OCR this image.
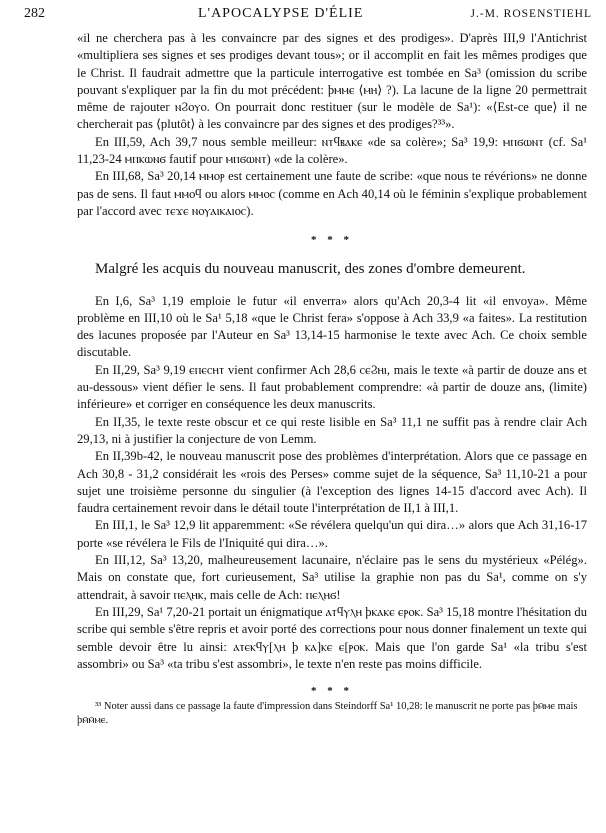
282	L'APOCALYPSE D'ÉLIE	J.-M. ROSENSTIEHL

«il ne cherchera pas à les convaincre par des signes et des prodiges». D'après III,9 l'Antichrist «multipliera ses signes et ses prodiges devant tous»; or il accomplit en fait les mêmes prodiges que le Christ. Il faudrait admettre que la particule interrogative est tombée en Sa³ (omission du scribe pouvant s'expliquer par la fin du mot précédent: ϸⲙⲙⲉ ⟨ⲙⲏ⟩ ?). La lacune de la ligne 20 permettrait même de rajouter ⲛϨⲟⲩⲟ. On pourrait donc restituer (sur le modèle de Sa¹): «⟨Est-ce que⟩ il ne chercherait pas ⟨plutôt⟩ à les convaincre par des signes et des prodiges?³³».

En III,59, Ach 39,7 nous semble meilleur: ⲛⲧϥⲃⲁⲕⲉ «de sa colère»; Sa³ 19,9: ⲙⲡϭⲱⲛⲧ (cf. Sa¹ 11,23-24 ⲙⲡⲕⲱⲛϭ fautif pour ⲙⲡϭⲱⲛⲧ) «de la colère».

En III,68, Sa³ 20,14 ⲙⲙⲟⲣ est certainement une faute de scribe: «que nous te révérions» ne donne pas de sens. Il faut ⲙⲙⲟϥ ou alors ⲙⲙⲟⲥ (comme en Ach 40,14 où le féminin s'explique probablement par l'accord avec ⲧⲉϫⲉ ⲛⲟⲩⲁⲓⲕⲁⲓⲟⲥ).

* * *

Malgré les acquis du nouveau manuscrit, des zones d'ombre demeurent.

En I,6, Sa³ 1,19 emploie le futur «il enverra» alors qu'Ach 20,3-4 lit «il envoya». Même problème en III,10 où le Sa¹ 5,18 «que le Christ fera» s'oppose à Ach 33,9 «a faites». La restitution des lacunes proposée par l'Auteur en Sa³ 13,14-15 harmonise le texte avec Ach. Ce choix semble discutable.

En II,29, Sa³ 9,19 ⲉⲡⲉⲥⲏⲧ vient confirmer Ach 28,6 ⲥⲉϨⲏⲓ, mais le texte «à partir de douze ans et au-dessous» vient défier le sens. Il faut probablement comprendre: «à partir de douze ans, (limite) inférieure» et corriger en conséquence les deux manuscrits.

En II,35, le texte reste obscur et ce qui reste lisible en Sa³ 11,1 ne suffit pas à rendre clair Ach 29,13, ni à justifier la conjecture de von Lemm.

En II,39b-42, le nouveau manuscrit pose des problèmes d'interprétation. Alors que ce passage en Ach 30,8 - 31,2 considérait les «rois des Perses» comme sujet de la séquence, Sa³ 11,10-21 a pour sujet une troisième personne du singulier (à l'exception des lignes 14-15 d'accord avec Ach). Il faudra certainement revoir dans le détail toute l'interprétation de II,1 à III,1.

En III,1, le Sa³ 12,9 lit apparemment: «Se révélera quelqu'un qui dira…» alors que Ach 31,16-17 porte «se révélera le Fils de l'Iniquité qui dira…».

En III,12, Sa³ 13,20, malheureusement lacunaire, n'éclaire pas le sens du mystérieux «Pélég». Mais on constate que, fort curieusement, Sa³ utilise la graphie non pas du Sa¹, comme on s'y attendrait, à savoir ⲡⲉⲗⲏⲕ, mais celle de Ach: ⲡⲉⲗⲏϭ!

En III,29, Sa¹ 7,20-21 portait un énigmatique ⲁⲧϥⲩⲗⲏ ϸⲕⲁⲕⲉ ⲉⲣⲟⲕ. Sa³ 15,18 montre l'hésitation du scribe qui semble s'être repris et avoir porté des corrections pour nous donner finalement un texte qui semble devoir être lu ainsi: ⲁⲧⲉⲕϥⲩ[ⲗⲏ ϸ ⲕⲁ]ⲕⲉ ⲉ[ⲣⲟⲕ. Mais que l'on garde Sa¹ «la tribu s'est assombri» ou Sa³ «ta tribu s'est assombri», le texte n'en reste pas moins difficile.

* * *

³³ Noter aussi dans ce passage la faute d'impression dans Steindorff Sa¹ 10,28: le manuscrit ne porte pas ϸⲙ̄ⲙⲉ mais ϸⲙ̄ⲙ̄ⲙⲉ.
